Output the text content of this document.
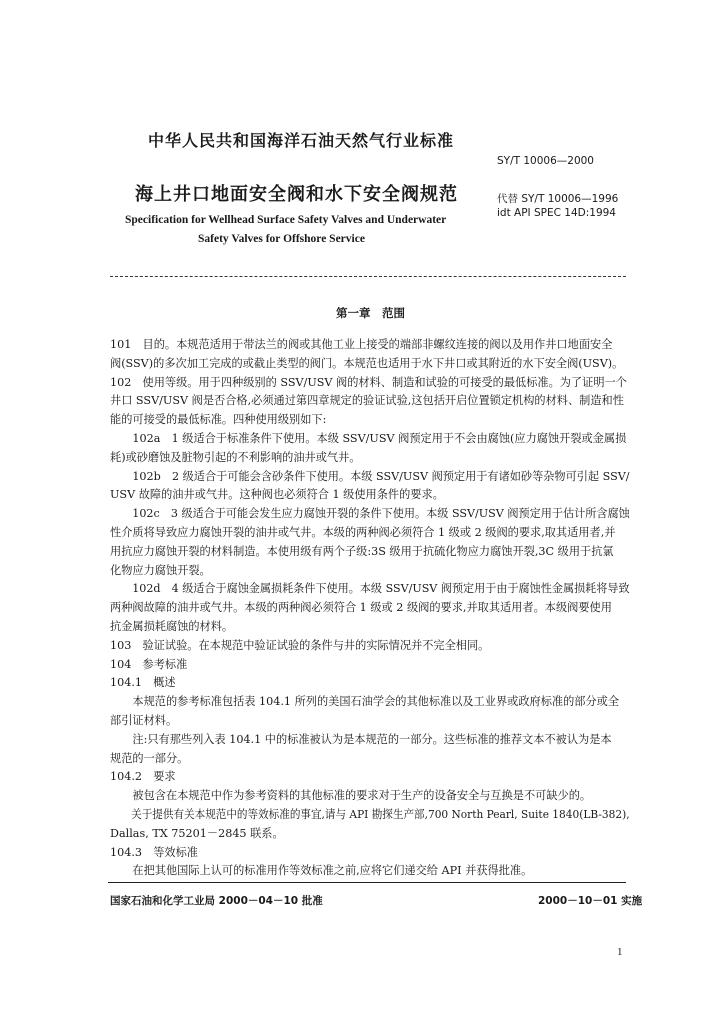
中华人民共和国海洋石油天然气行业标准
SY/T 10006—2000
海上井口地面安全阀和水下安全阀规范	代替 SY/T 10006—1996
idt API SPEC 14D:1994
Specification for Wellhead Surface Safety Valves and Underwater
Safety Valves for Offshore Service
第一章　范围
101　目的。本规范适用于带法兰的阀或其他工业上接受的端部非螺纹连接的阀以及用作井口地面安全
阀(SSV)的多次加工完成的或截止类型的阀门。本规范也适用于水下井口或其附近的水下安全阀(USV)。
102　使用等级。用于四种级别的 SSV/USV 阀的材料、制造和试验的可接受的最低标准。为了证明一个
井口 SSV/USV 阀是否合格,必须通过第四章规定的验证试验,这包括开启位置锁定机构的材料、制造和性
能的可接受的最低标准。四种使用级别如下:
　　102a　1 级适合于标准条件下使用。本级 SSV/USV 阀预定用于不会由腐蚀(应力腐蚀开裂或金属损
耗)或砂磨蚀及脏物引起的不利影响的油井或气井。
　　102b　2 级适合于可能会含砂条件下使用。本级 SSV/USV 阀预定用于有诸如砂等杂物可引起 SSV/
USV 故障的油井或气井。这种阀也必须符合 1 级使用条件的要求。
　　102c　3 级适合于可能会发生应力腐蚀开裂的条件下使用。本级 SSV/USV 阀预定用于估计所含腐蚀
性介质将导致应力腐蚀开裂的油井或气井。本级的两种阀必须符合 1 级或 2 级阀的要求,取其适用者,并
用抗应力腐蚀开裂的材料制造。本使用级有两个子级:3S 级用于抗硫化物应力腐蚀开裂,3C 级用于抗氯
化物应力腐蚀开裂。
　　102d　4 级适合于腐蚀金属损耗条件下使用。本级 SSV/USV 阀预定用于由于腐蚀性金属损耗将导致
两种阀故障的油井或气井。本级的两种阀必须符合 1 级或 2 级阀的要求,并取其适用者。本级阀要使用
抗金属损耗腐蚀的材料。
103　验证试验。在本规范中验证试验的条件与井的实际情况并不完全相同。
104　参考标准
104.1　概述
　　本规范的参考标准包括表 104.1 所列的美国石油学会的其他标准以及工业界或政府标准的部分或全
部引证材料。
　　注:只有那些列入表 104.1 中的标准被认为是本规范的一部分。这些标准的推荐文本不被认为是本
规范的一部分。
104.2　要求
　　被包含在本规范中作为参考资料的其他标准的要求对于生产的设备安全与互换是不可缺少的。
　　关于提供有关本规范中的等效标准的事宜,请与 API 勘探生产部,700 North Pearl, Suite 1840(LB-382),
Dallas, TX 75201－2845 联系。
104.3　等效标准
　　在把其他国际上认可的标准用作等效标准之前,应将它们递交给 API 并获得批准。
国家石油和化学工业局 2000－04－10 批准	2000－10－01 实施
1
